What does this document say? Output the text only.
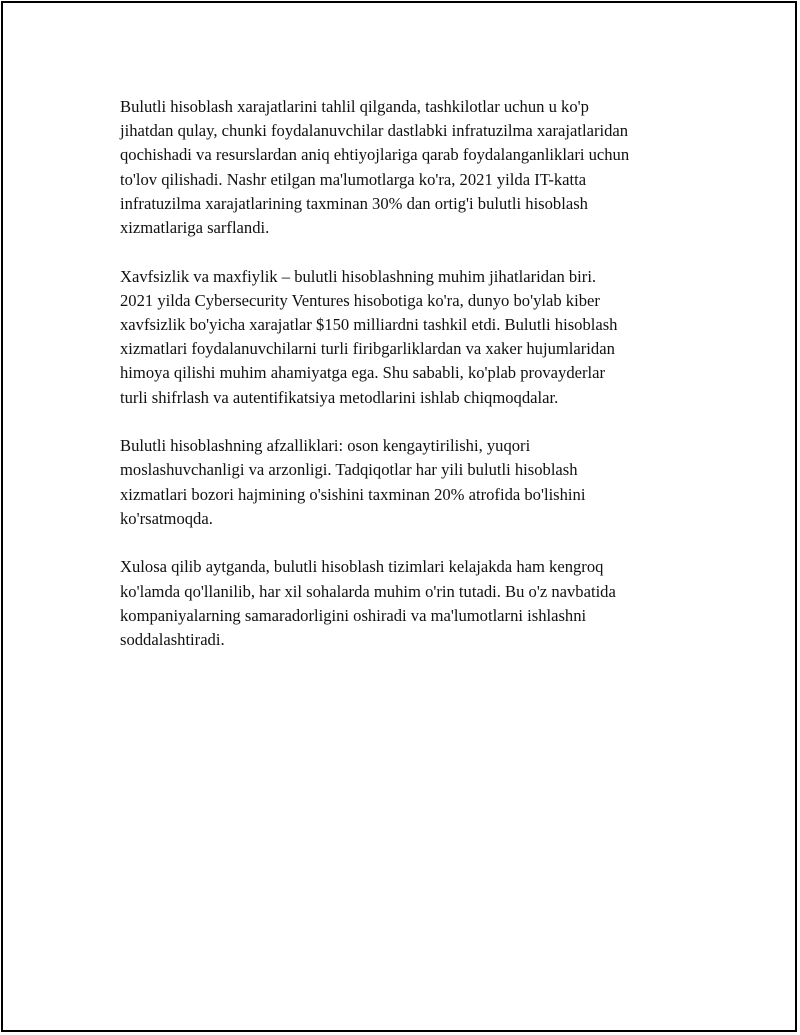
Bulutli hisoblash xarajatlarini tahlil qilganda, tashkilotlar uchun u ko'p
jihatdan qulay, chunki foydalanuvchilar dastlabki infratuzilma xarajatlaridan
qochishadi va resurslardan aniq ehtiyojlariga qarab foydalanganliklari uchun
to'lov qilishadi. Nashr etilgan ma'lumotlarga ko'ra, 2021 yilda IT-katta
infratuzilma xarajatlarining taxminan 30% dan ortig'i bulutli hisoblash
xizmatlariga sarflandi.

Xavfsizlik va maxfiylik – bulutli hisoblashning muhim jihatlaridan biri.
2021 yilda Cybersecurity Ventures hisobotiga ko'ra, dunyo bo'ylab kiber
xavfsizlik bo'yicha xarajatlar $150 milliardni tashkil etdi. Bulutli hisoblash
xizmatlari foydalanuvchilarni turli firibgarliklardan va xaker hujumlaridan
himoya qilishi muhim ahamiyatga ega. Shu sababli, ko'plab provayderlar
turli shifrlash va autentifikatsiya metodlarini ishlab chiqmoqdalar.

Bulutli hisoblashning afzalliklari: oson kengaytirilishi, yuqori
moslashuvchanligi va arzonligi. Tadqiqotlar har yili bulutli hisoblash
xizmatlari bozori hajmining o'sishini taxminan 20% atrofida bo'lishini
ko'rsatmoqda.

Xulosa qilib aytganda, bulutli hisoblash tizimlari kelajakda ham kengroq
ko'lamda qo'llanilib, har xil sohalarda muhim o'rin tutadi. Bu o'z navbatida
kompaniyalarning samaradorligini oshiradi va ma'lumotlarni ishlashni
soddalashtiradi.
